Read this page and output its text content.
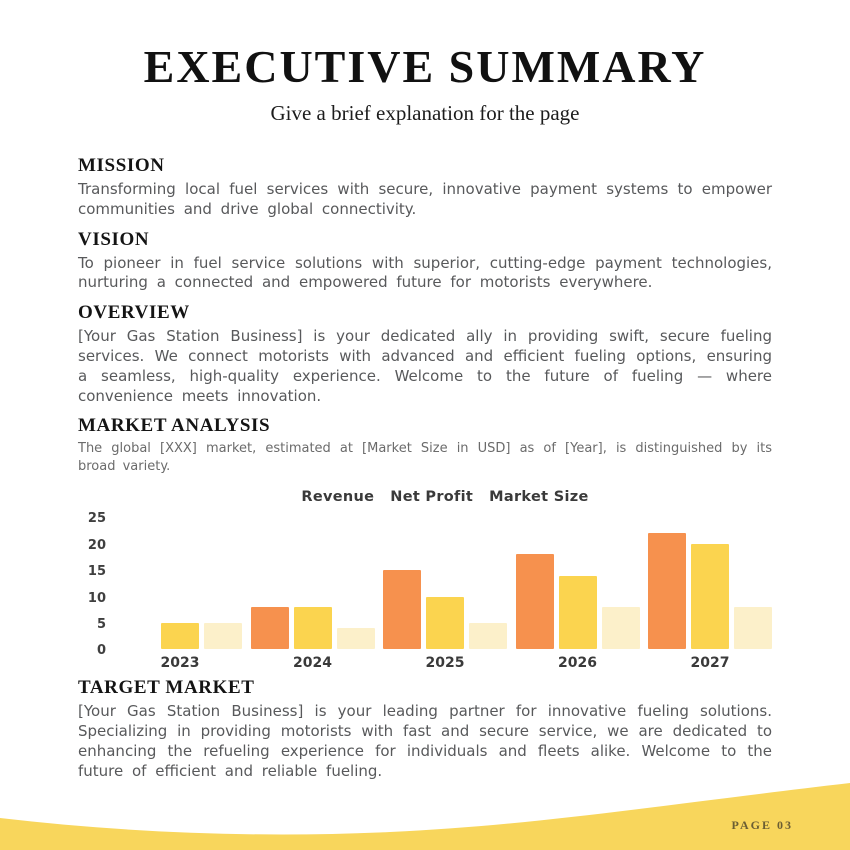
EXECUTIVE SUMMARY
Give a brief explanation for the page
MISSION

Transforming local fuel services with secure, innovative payment systems to empower communities and drive global connectivity.

VISION

To pioneer in fuel service solutions with superior, cutting-edge payment technologies, nurturing a connected and empowered future for motorists everywhere.

OVERVIEW

[Your Gas Station Business] is your dedicated ally in providing swift, secure fueling services. We connect motorists with advanced and efficient fueling options, ensuring a seamless, high-quality experience. Welcome to the future of fueling — where convenience meets innovation.

MARKET ANALYSIS

The global [XXX] market, estimated at [Market Size in USD] as of [Year], is distinguished by its broad variety.

Revenue Net Profit Market Size
25
20
15
10
5
0
2023	2024	2025	2026	2027
TARGET MARKET

[Your Gas Station Business] is your leading partner for innovative fueling solutions. Specializing in providing motorists with fast and secure service, we are dedicated to enhancing the refueling experience for individuals and fleets alike. Welcome to the future of efficient and reliable fueling.

PAGE 03
